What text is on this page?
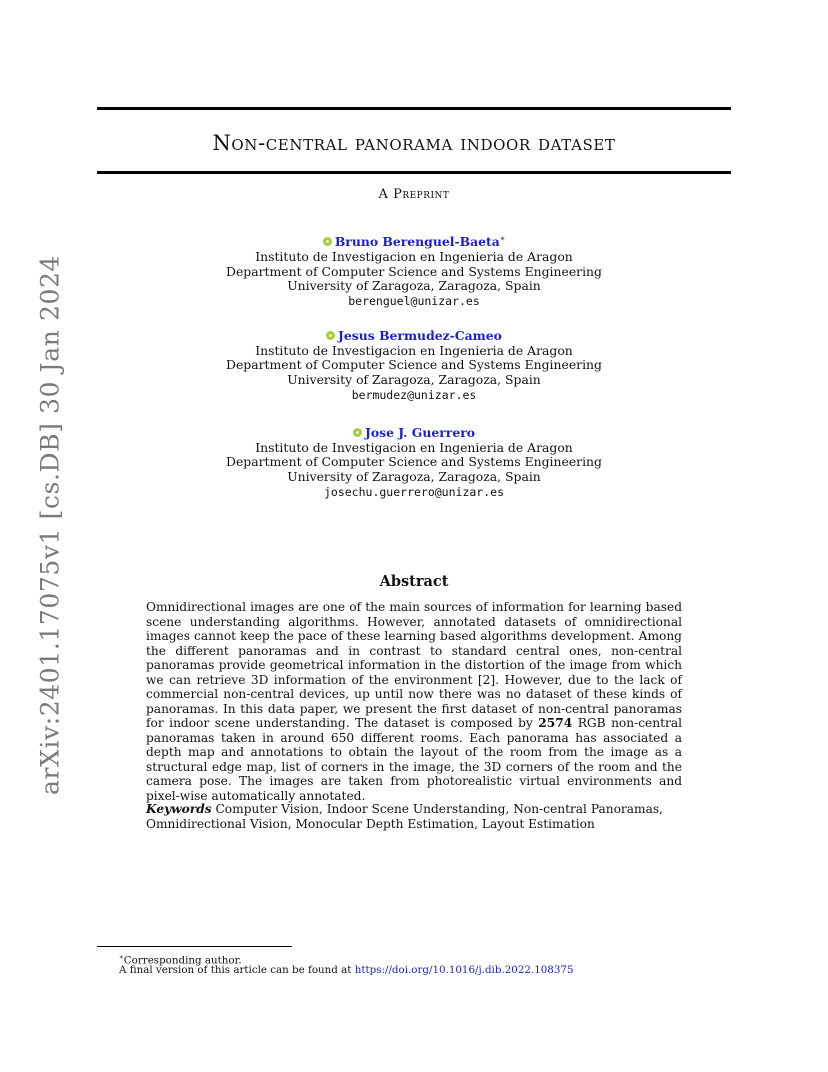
arXiv:2401.17075v1 [cs.DB] 30 Jan 2024
Non-central panorama indoor dataset
A Preprint
Bruno Berenguel-Baeta∗
Instituto de Investigacion en Ingenieria de Aragon
Department of Computer Science and Systems Engineering
University of Zaragoza, Zaragoza, Spain
berenguel@unizar.es
Jesus Bermudez-Cameo
Instituto de Investigacion en Ingenieria de Aragon
Department of Computer Science and Systems Engineering
University of Zaragoza, Zaragoza, Spain
bermudez@unizar.es
Jose J. Guerrero
Instituto de Investigacion en Ingenieria de Aragon
Department of Computer Science and Systems Engineering
University of Zaragoza, Zaragoza, Spain
josechu.guerrero@unizar.es
Abstract

Omnidirectional images are one of the main sources of information for learning based scene understanding algorithms. However, annotated datasets of omnidirectional images cannot keep the pace of these learning based algorithms development. Among the different panoramas and in contrast to standard central ones, non-central panoramas provide geometrical information in the distortion of the image from which we can retrieve 3D information of the environment [2]. However, due to the lack of commercial non-central devices, up until now there was no dataset of these kinds of panoramas. In this data paper, we present the first dataset of non-central panoramas for indoor scene understanding. The dataset is composed by 2574 RGB non-central panoramas taken in around 650 different rooms. Each panorama has associated a depth map and annotations to obtain the layout of the room from the image as a structural edge map, list of corners in the image, the 3D corners of the room and the camera pose. The images are taken from photorealistic virtual environments and pixel-wise automatically annotated.

Keywords Computer Vision, Indoor Scene Understanding, Non-central Panoramas, Omnidirectional Vision, Monocular Depth Estimation, Layout Estimation

∗Corresponding author.
A final version of this article can be found at https://doi.org/10.1016/j.dib.2022.108375
